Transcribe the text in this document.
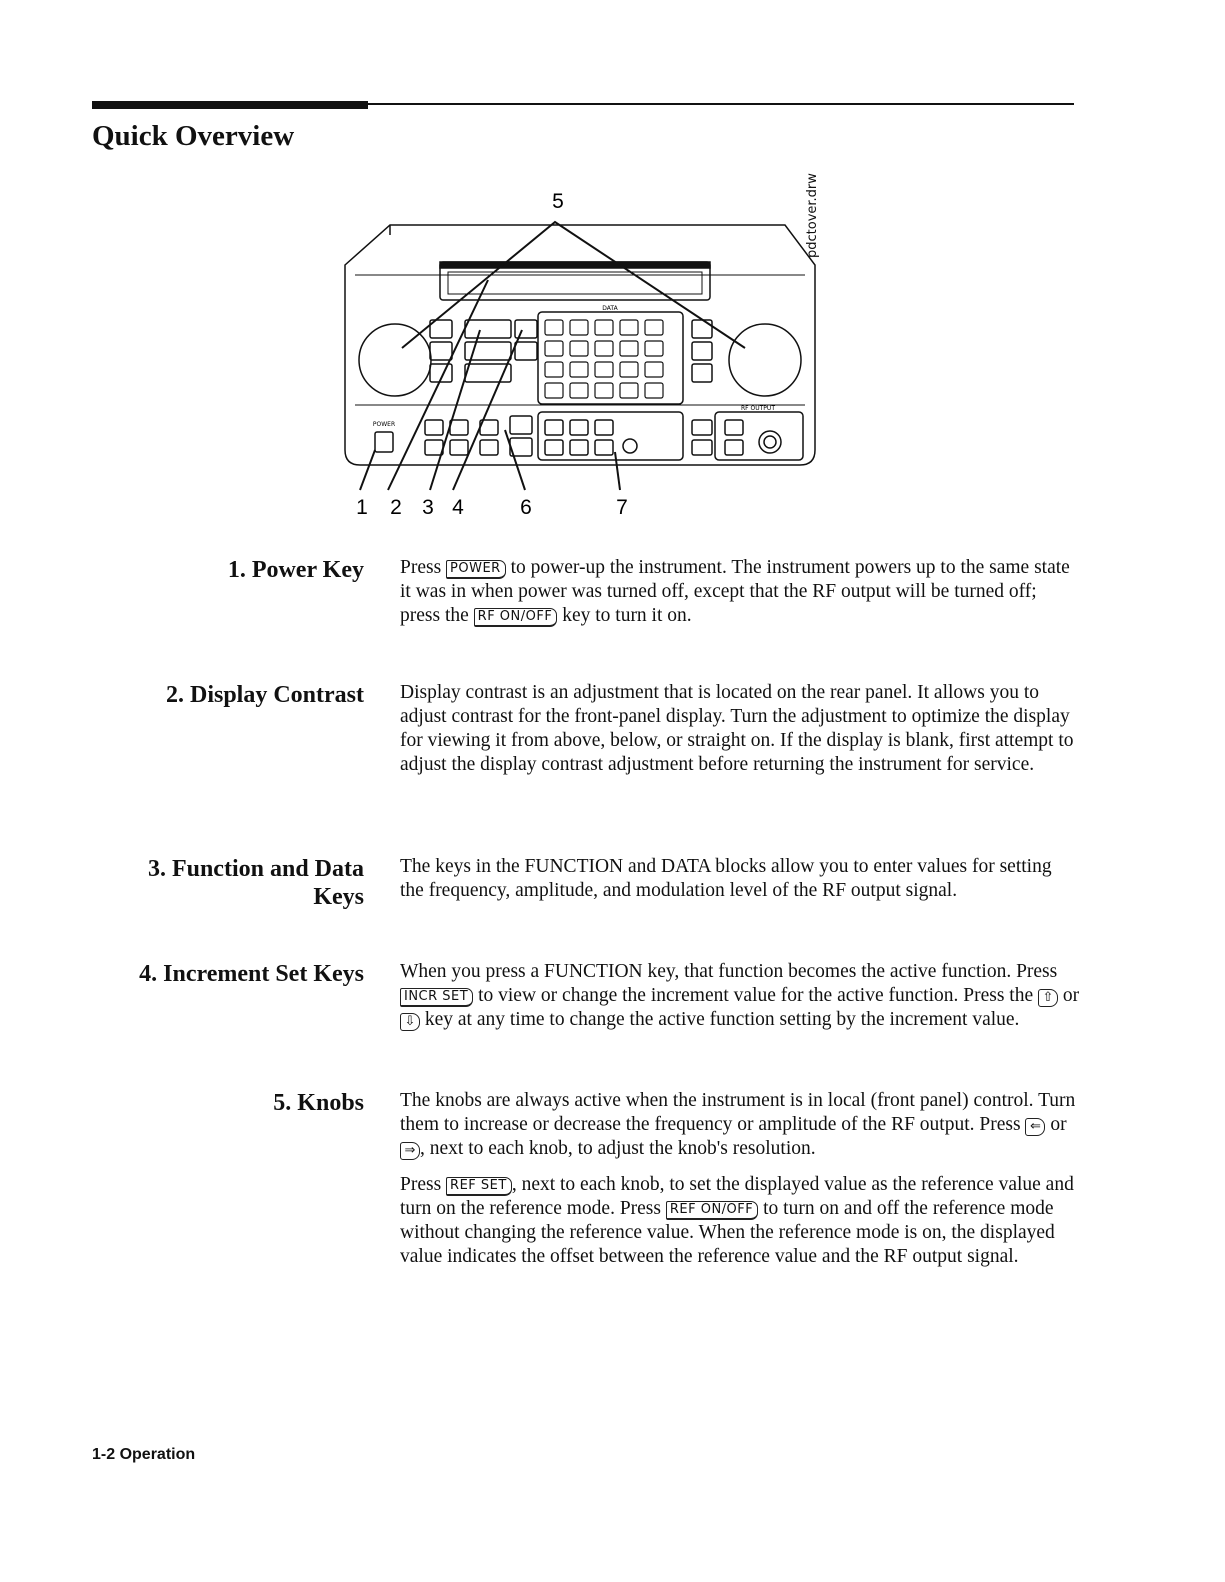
Quick Overview
5
1 2 3 4	6	7
POWER
DATA
RF OUTPUT
pdctover.drw
1. Power Key Press POWER to power-up the instrument. The instrument powers up to the same state it was in when power was turned off, except that the RF output will be turned off; press the RF ON/OFF key to turn it on.

2. Display Contrast Display contrast is an adjustment that is located on the rear panel. It allows you to adjust contrast for the front-panel display. Turn the adjustment to optimize the display for viewing it from above, below, or straight on. If the display is blank, first attempt to adjust the display contrast adjustment before returning the instrument for service.

3. Function and Data
Keys

The keys in the FUNCTION and DATA blocks allow you to enter values for setting the frequency, amplitude, and modulation level of the RF output signal.

4. Increment Set Keys When you press a FUNCTION key, that function becomes the active function. Press INCR SET to view or change the increment value for the active function. Press the ⇧ or ⇩ key at any time to change the active function setting by the increment value.

5. Knobs The knobs are always active when the instrument is in local (front panel) control. Turn them to increase or decrease the frequency or amplitude of the RF output. Press ⇐ or ⇒ , next to each knob, to adjust the knob's resolution.

Press REF SET , next to each knob, to set the displayed value as the reference value and turn on the reference mode. Press REF ON/OFF to turn on and off the reference mode without changing the reference value. When the reference mode is on, the displayed value indicates the offset between the reference value and the RF output signal.

1-2 Operation
